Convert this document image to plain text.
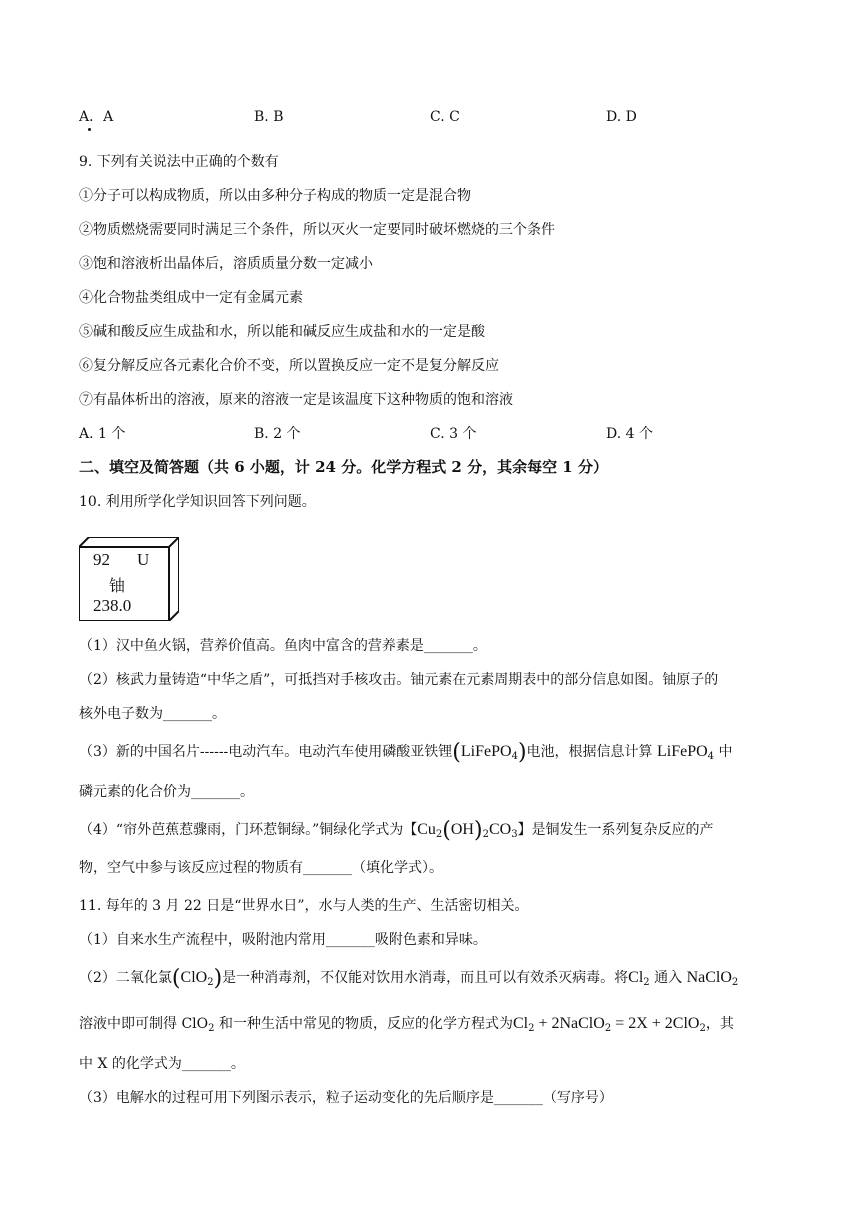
A．A	B. B	C. C	D. D
9. 下列有关说法中正确的个数有
①分子可以构成物质，所以由多种分子构成的物质一定是混合物
②物质燃烧需要同时满足三个条件，所以灭火一定要同时破坏燃烧的三个条件
③饱和溶液析出晶体后，溶质质量分数一定减小
④化合物盐类组成中一定有金属元素
⑤碱和酸反应生成盐和水，所以能和碱反应生成盐和水的一定是酸
⑥复分解反应各元素化合价不变，所以置换反应一定不是复分解反应
⑦有晶体析出的溶液，原来的溶液一定是该温度下这种物质的饱和溶液
A. 1 个	B. 2 个	C. 3 个	D. 4 个
二、填空及简答题（共 6 小题，计 24 分。化学方程式 2 分，其余每空 1 分）
10. 利用所学化学知识回答下列问题。
92 U
铀
238.0
（1）汉中鱼火锅，营养价值高。鱼肉中富含的营养素是_______。
（2）核武力量铸造“中华之盾”，可抵挡对手核攻击。铀元素在元素周期表中的部分信息如图。铀原子的
核外电子数为_______。
（3）新的中国名片------电动汽车。电动汽车使用磷酸亚铁锂(LiFePO$_4$)电池，根据信息计算 LiFePO$_4$ 中
磷元素的化合价为_______。
（4）“帘外芭蕉惹骤雨，门环惹铜绿。”铜绿化学式为【$Cu_2(OH)_2CO_3$】是铜发生一系列复杂反应的产
物，空气中参与该反应过程的物质有_______（填化学式）。
11. 每年的 3 月 22 日是“世界水日”，水与人类的生产、生活密切相关。
（1）自来水生产流程中，吸附池内常用_______吸附色素和异味。
（2）二氧化氯(ClO$_2$)是一种消毒剂，不仅能对饮用水消毒，而且可以有效杀灭病毒。将$Cl_2$ 通入 NaClO$_2$
溶液中即可制得 ClO$_2$ 和一种生活中常见的物质，反应的化学方程式为$Cl_2$ + 2NaClO$_2$ = 2X + 2ClO$_2$，其
中 X 的化学式为_______。
（3）电解水的过程可用下列图示表示，粒子运动变化的先后顺序是_______（写序号）
